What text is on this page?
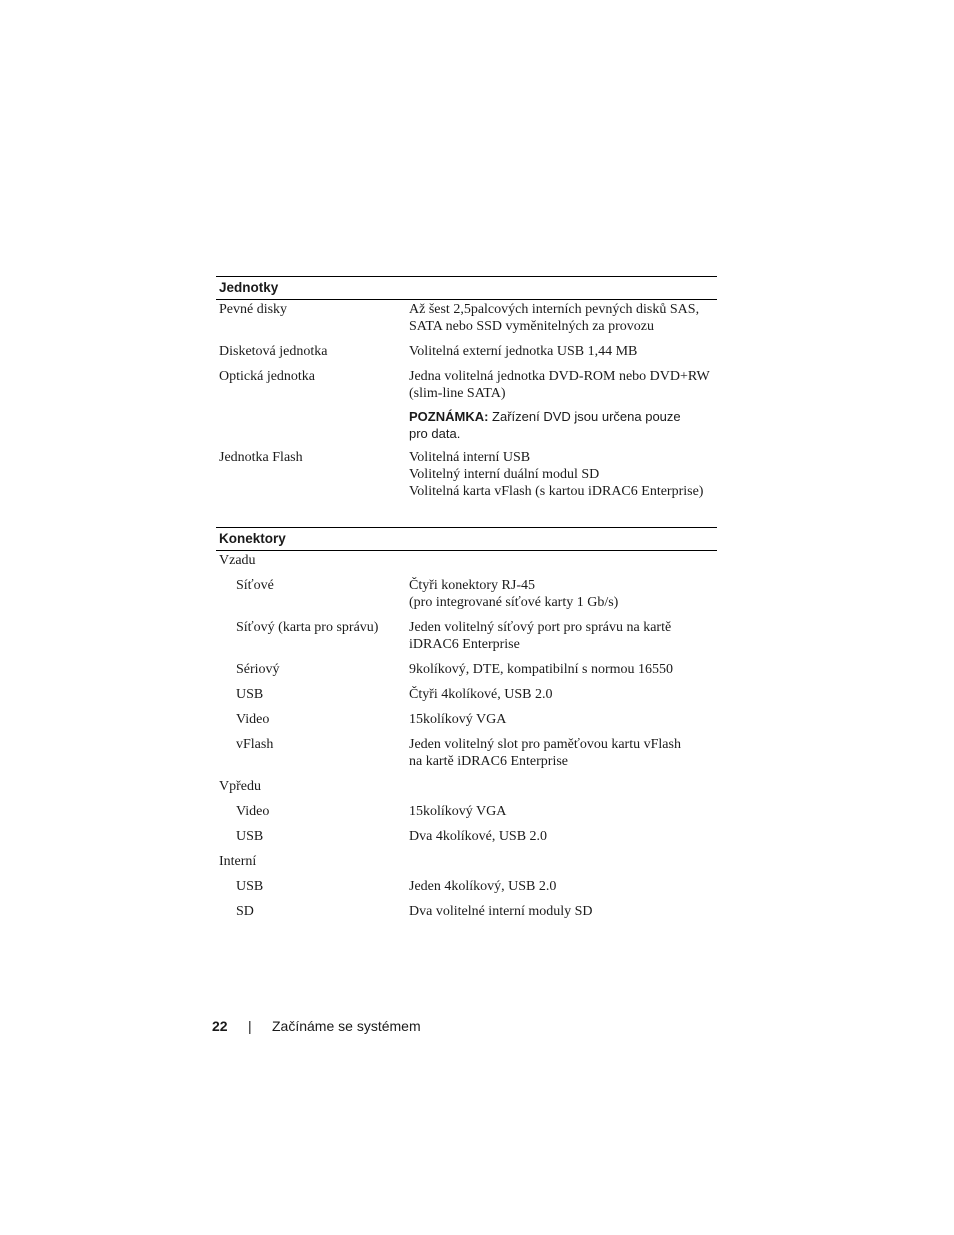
Jednotky
Pevné disky	Až šest 2,5palcových interních pevných disků SAS,
SATA nebo SSD vyměnitelných za provozu
Disketová jednotka	Volitelná externí jednotka USB 1,44 MB
Optická jednotka	Jedna volitelná jednotka DVD-ROM nebo DVD+RW
(slim-line SATA)
POZNÁMKA: Zařízení DVD jsou určena pouze
pro data.
Jednotka Flash	Volitelná interní USB
Volitelný interní duální modul SD
Volitelná karta vFlash (s kartou iDRAC6 Enterprise)
Konektory
Vzadu
Síťové	Čtyři konektory RJ-45
(pro integrované síťové karty 1 Gb/s)
Síťový (karta pro správu)	Jeden volitelný síťový port pro správu na kartě
iDRAC6 Enterprise
Sériový	9kolíkový, DTE, kompatibilní s normou 16550
USB	Čtyři 4kolíkové, USB 2.0
Video	15kolíkový VGA
vFlash	Jeden volitelný slot pro paměťovou kartu vFlash
na kartě iDRAC6 Enterprise
Vpředu
Video	15kolíkový VGA
USB	Dva 4kolíkové, USB 2.0
Interní
USB	Jeden 4kolíkový, USB 2.0
SD	Dva volitelné interní moduly SD
22	|	Začínáme se systémem
